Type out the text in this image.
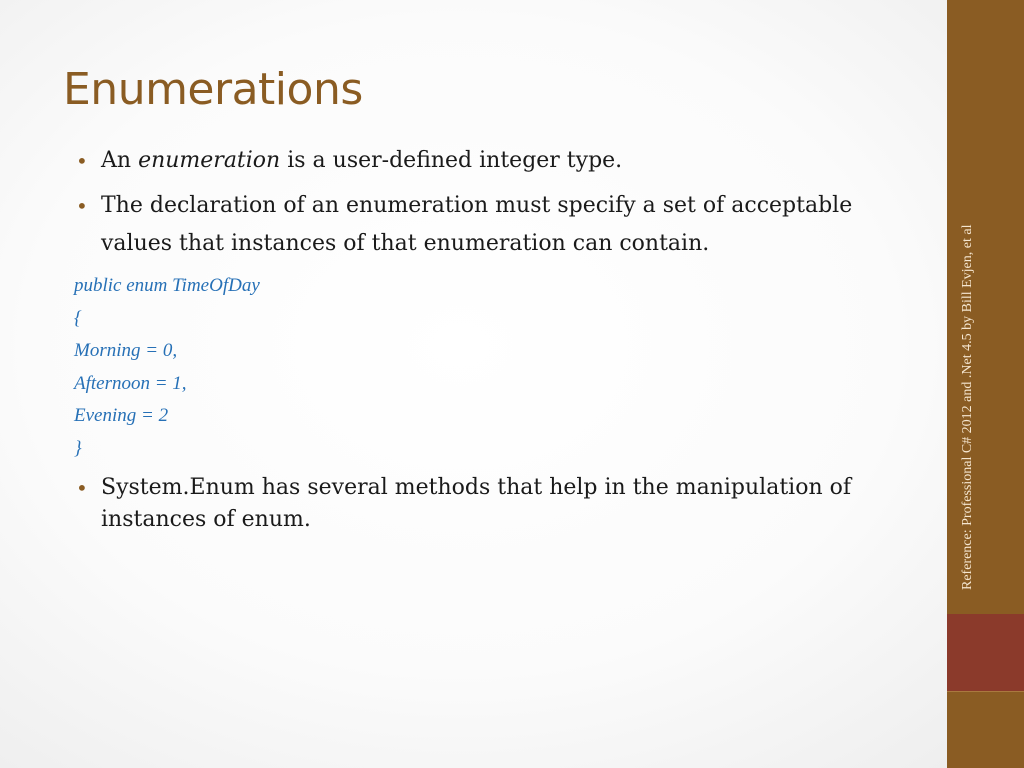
Enumerations
• An enumeration is a user-defined integer type.
• The declaration of an enumeration must specify a set of acceptable values that instances of that enumeration can contain.
public enum TimeOfDay
{
Morning = 0,
Afternoon = 1,
Evening = 2
}
• System.Enum has several methods that help in the manipulation of instances of enum.	Reference: Professional C# 2012 and .Net 4.5 by Bill Evjen, et al
